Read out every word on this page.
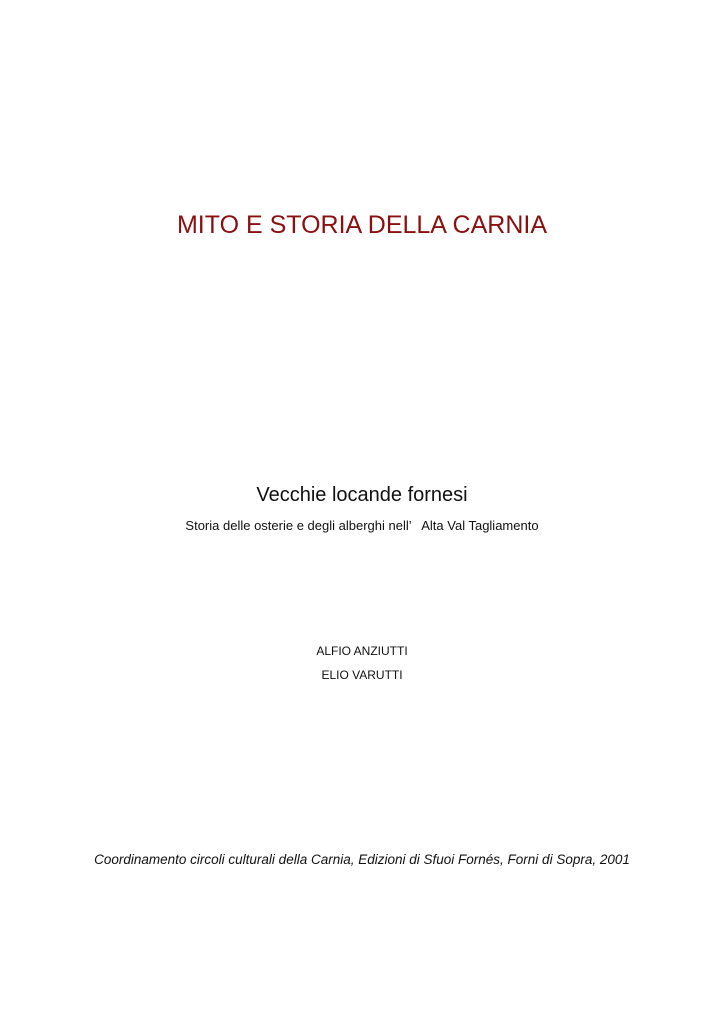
MITO E STORIA DELLA CARNIA
Vecchie locande fornesi
Storia delle osterie e degli alberghi nell’   Alta Val Tagliamento
ALFIO ANZIUTTI
ELIO VARUTTI
Coordinamento circoli culturali della Carnia, Edizioni di Sfuoi Fornés, Forni di Sopra, 2001
